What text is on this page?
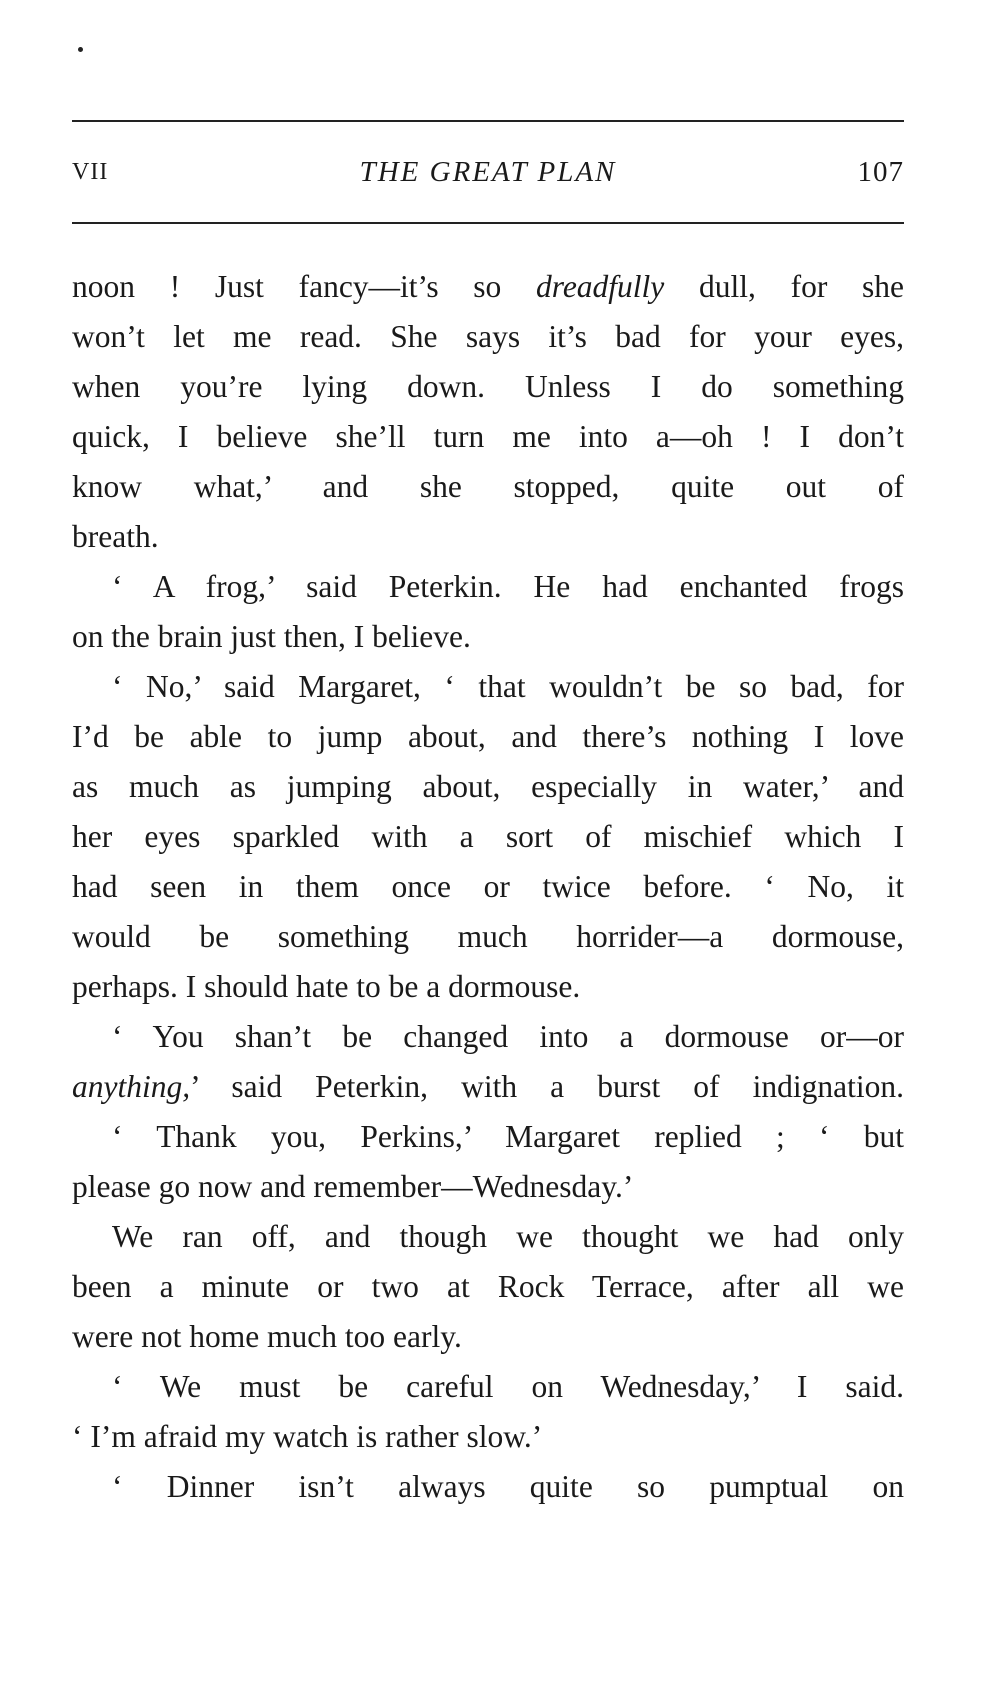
VII	THE GREAT PLAN	107
noon ! Just fancy—it’s so dreadfully dull, for she
won’t let me read. She says it’s bad for your eyes,
when you’re lying down. Unless I do something
quick, I believe she’ll turn me into a—oh ! I don’t
know what,’ and she stopped, quite out of
breath.
‘ A frog,’ said Peterkin. He had enchanted frogs
on the brain just then, I believe.
‘ No,’ said Margaret, ‘ that wouldn’t be so bad, for
I’d be able to jump about, and there’s nothing I love
as much as jumping about, especially in water,’ and
her eyes sparkled with a sort of mischief which I
had seen in them once or twice before. ‘ No, it
would be something much horrider—a dormouse,
perhaps. I should hate to be a dormouse.
‘ You shan’t be changed into a dormouse or—or
anything,’ said Peterkin, with a burst of indignation.
‘ Thank you, Perkins,’ Margaret replied ; ‘ but
please go now and remember—Wednesday.’
We ran off, and though we thought we had only
been a minute or two at Rock Terrace, after all we
were not home much too early.
‘ We must be careful on Wednesday,’ I said.
‘ I’m afraid my watch is rather slow.’
‘ Dinner isn’t always quite so pumptual on
